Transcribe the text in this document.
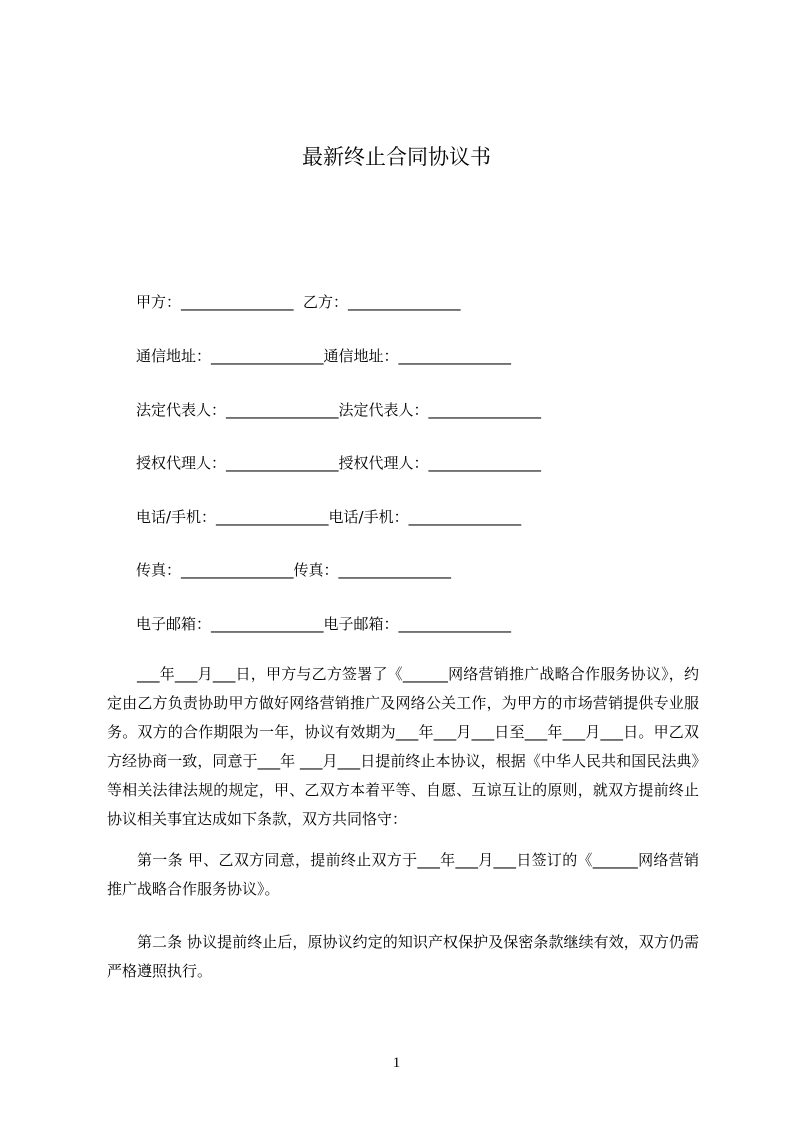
最新终止合同协议书
甲方：_______________  乙方：_______________
通信地址：_______________通信地址：_______________
法定代表人：_______________法定代表人：_______________
授权代理人：_______________授权代理人：_______________
电话/手机：_______________电话/手机：_______________
传真：_______________传真：_______________
电子邮箱：_______________电子邮箱：_______________

___年___月___日，甲方与乙方签署了《______网络营销推广战略合作服务协议》，约定由乙方负责协助甲方做好网络营销推广及网络公关工作，为甲方的市场营销提供专业服务。双方的合作期限为一年，协议有效期为___年___月___日至___年___月___日。甲乙双方经协商一致，同意于___年 ___月___日提前终止本协议，根据《中华人民共和国民法典》等相关法律法规的规定，甲、乙双方本着平等、自愿、互谅互让的原则，就双方提前终止协议相关事宜达成如下条款，双方共同恪守：

第一条 甲、乙双方同意，提前终止双方于___年___月___日签订的《______网络营销推广战略合作服务协议》。

第二条 协议提前终止后，原协议约定的知识产权保护及保密条款继续有效，双方仍需严格遵照执行。

1
